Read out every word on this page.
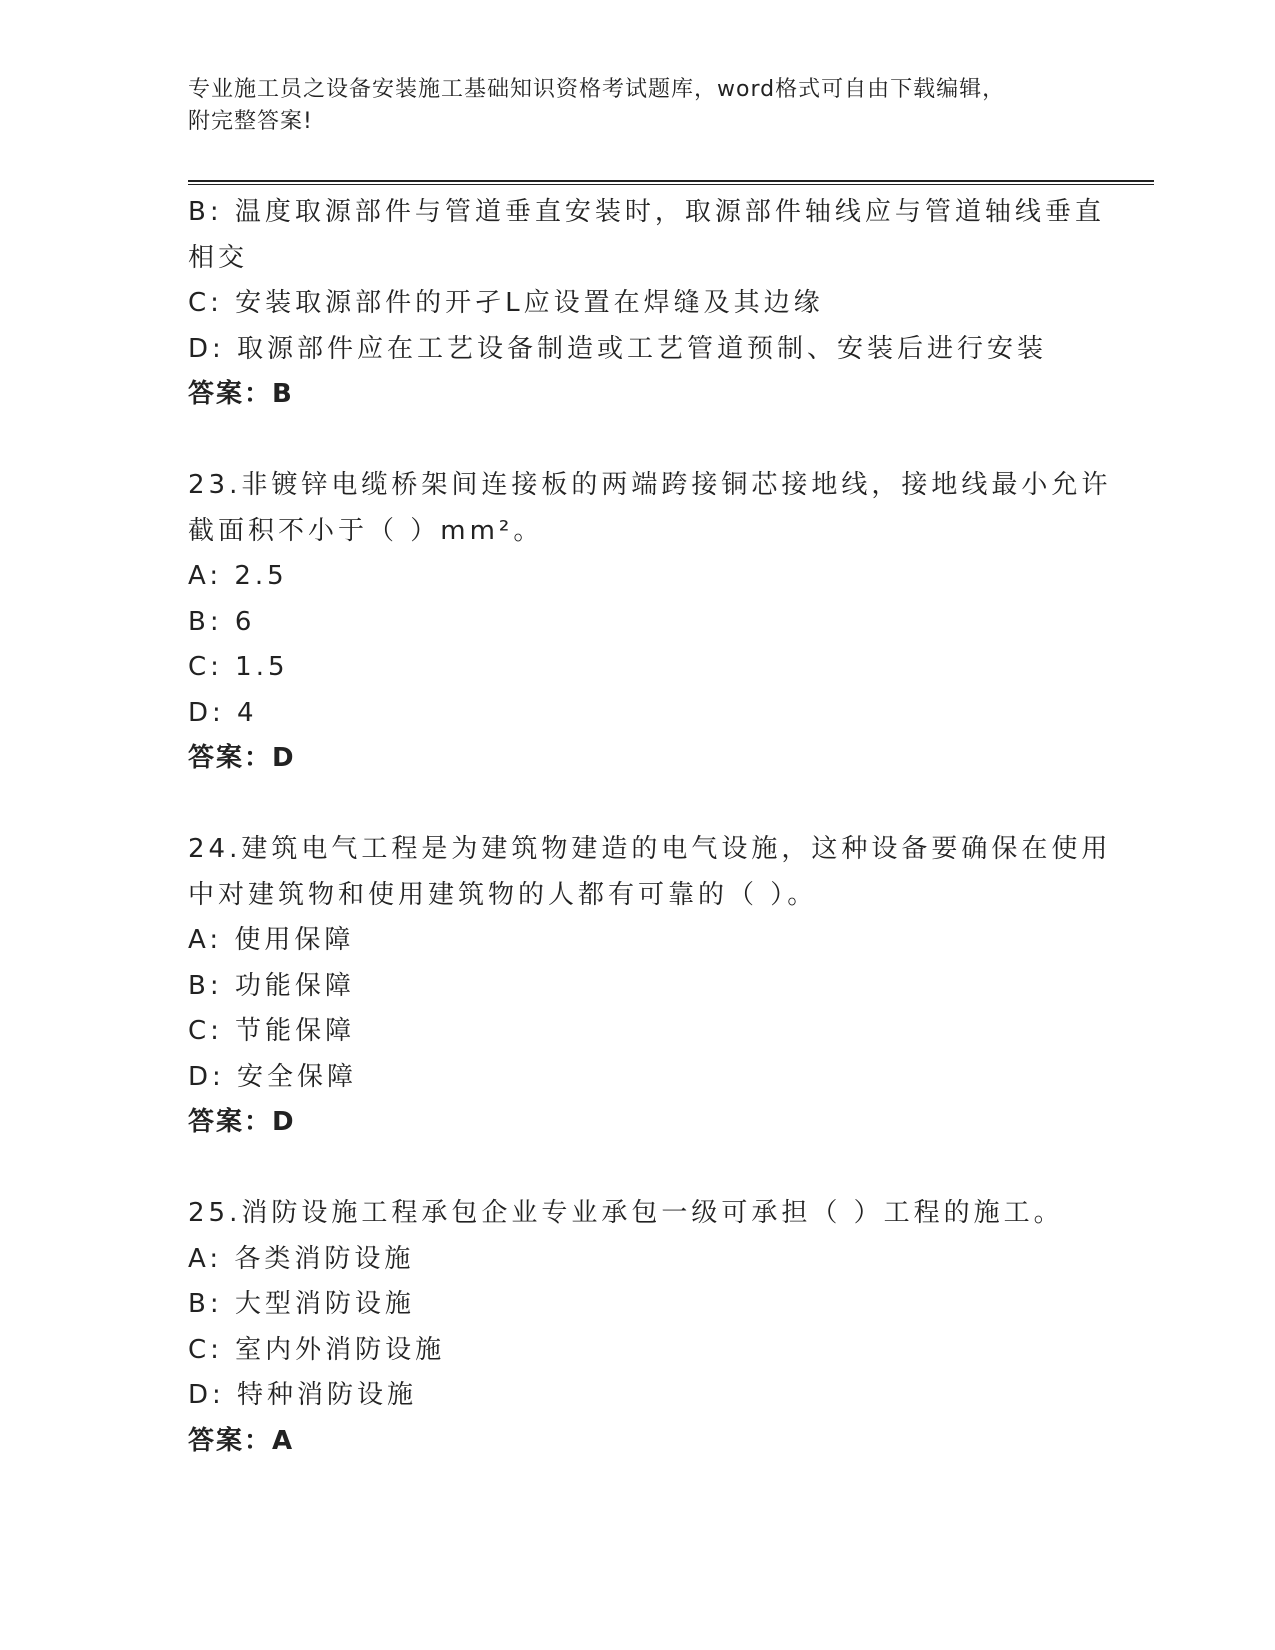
专业施工员之设备安装施工基础知识资格考试题库，word格式可自由下载编辑，
附完整答案!
B: 温度取源部件与管道垂直安装时，取源部件轴线应与管道轴线垂直
相交
C: 安装取源部件的开孑L应设置在焊缝及其边缘
D: 取源部件应在工艺设备制造或工艺管道预制、安装后进行安装
答案：B
23.非镀锌电缆桥架间连接板的两端跨接铜芯接地线，接地线最小允许
截面积不小于（ ）mm²。
A: 2.5
B: 6
C: 1.5
D: 4
答案：D
24.建筑电气工程是为建筑物建造的电气设施，这种设备要确保在使用
中对建筑物和使用建筑物的人都有可靠的（ ）。
A: 使用保障
B: 功能保障
C: 节能保障
D: 安全保障
答案：D
25.消防设施工程承包企业专业承包一级可承担（ ）工程的施工。
A: 各类消防设施
B: 大型消防设施
C: 室内外消防设施
D: 特种消防设施
答案：A
